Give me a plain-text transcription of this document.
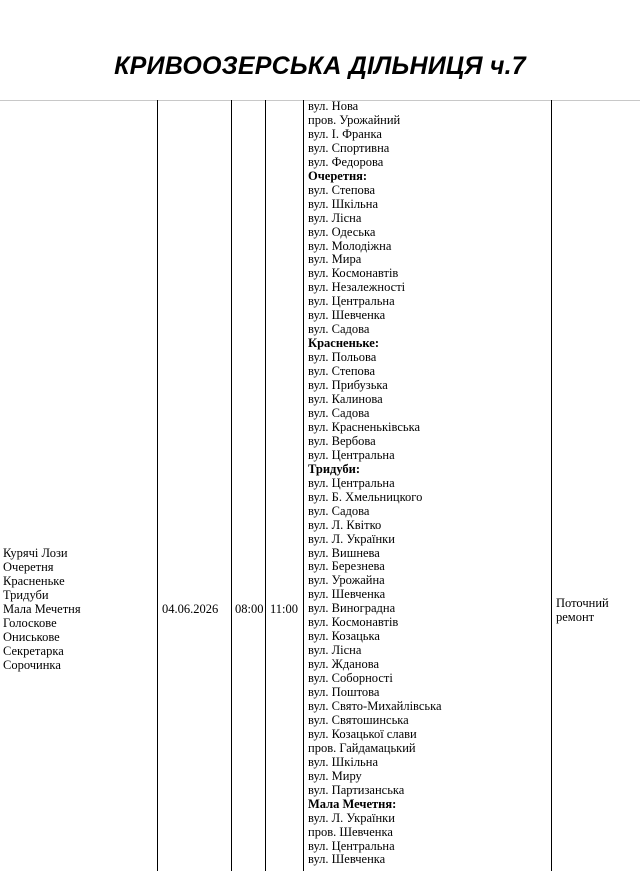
КРИВООЗЕРСЬКА ДІЛЬНИЦЯ ч.7
Курячі Лози
Очеретня
Красненьке
Тридуби
Мала Мечетня
Голоскове
Ониськове
Секретарка
Сорочинка
04.06.2026 08:00 11:00
вул. Нова
пров. Урожайний
вул. І. Франка
вул. Спортивна
вул. Федорова
Очеретня:
вул. Степова
вул. Шкільна
вул. Лісна
вул. Одеська
вул. Молодіжна
вул. Мира
вул. Космонавтів
вул. Незалежності
вул. Центральна
вул. Шевченка
вул. Садова
Красненьке:
вул. Польова
вул. Степова
вул. Прибузька
вул. Калинова
вул. Садова
вул. Красненьківська
вул. Вербова
вул. Центральна
Тридуби:
вул. Центральна
вул. Б. Хмельницкого
вул. Садова
вул. Л. Квітко
вул. Л. Українки
вул. Вишнева
вул. Березнева
вул. Урожайна
вул. Шевченка
вул. Виноградна
вул. Космонавтів
вул. Козацька
вул. Лісна
вул. Жданова
вул. Соборності
вул. Поштова
вул. Свято-Михайлівська
вул. Святошинська
вул. Козацької слави
пров. Гайдамацький
вул. Шкільна
вул. Миру
вул. Партизанська
Мала Мечетня:
вул. Л. Українки
пров. Шевченка
вул. Центральна
вул. Шевченка
Поточний
ремонт
